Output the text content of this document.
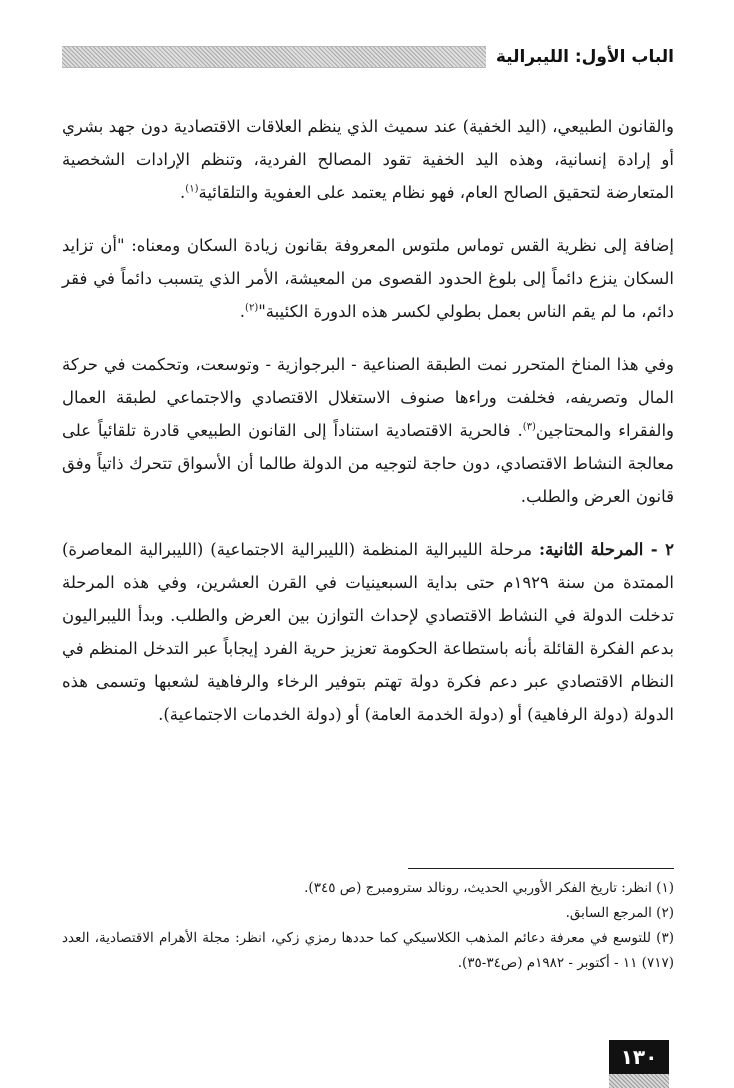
الباب الأول: الليبرالية

والقانون الطبيعي، (اليد الخفية) عند سميث الذي ينظم العلاقات الاقتصادية دون جهد بشري أو إرادة إنسانية، وهذه اليد الخفية تقود المصالح الفردية، وتنظم الإرادات الشخصية المتعارضة لتحقيق الصالح العام، فهو نظام يعتمد على العفوية والتلقائية$^{(١)}$.

إضافة إلى نظرية القس توماس ملتوس المعروفة بقانون زيادة السكان ومعناه: "أن تزايد السكان ينزع دائماً إلى بلوغ الحدود القصوى من المعيشة، الأمر الذي يتسبب دائماً في فقر دائم، ما لم يقم الناس بعمل بطولي لكسر هذه الدورة الكئيبة"$^{(٢)}$.

وفي هذا المناخ المتحرر نمت الطبقة الصناعية - البرجوازية - وتوسعت، وتحكمت في حركة المال وتصريفه، فخلفت وراءها صنوف الاستغلال الاقتصادي والاجتماعي لطبقة العمال والفقراء والمحتاجين$^{(٣)}$. فالحرية الاقتصادية استناداً إلى القانون الطبيعي قادرة تلقائياً على معالجة النشاط الاقتصادي، دون حاجة لتوجيه من الدولة طالما أن الأسواق تتحرك ذاتياً وفق قانون العرض والطلب.

٢ - المرحلة الثانية: مرحلة الليبرالية المنظمة (الليبرالية الاجتماعية) (الليبرالية المعاصرة) الممتدة من سنة ١٩٢٩م حتى بداية السبعينيات في القرن العشرين، وفي هذه المرحلة تدخلت الدولة في النشاط الاقتصادي لإحداث التوازن بين العرض والطلب. وبدأ الليبراليون بدعم الفكرة القائلة بأنه باستطاعة الحكومة تعزيز حرية الفرد إيجاباً عبر التدخل المنظم في النظام الاقتصادي عبر دعم فكرة دولة تهتم بتوفير الرخاء والرفاهية لشعبها وتسمى هذه الدولة (دولة الرفاهية) أو (دولة الخدمة العامة) أو (دولة الخدمات الاجتماعية).

(١) انظر: تاريخ الفكر الأوربي الحديث، رونالد سترومبرج (ص ٣٤٥).

(٢) المرجع السابق.

(٣) للتوسع في معرفة دعائم المذهب الكلاسيكي كما حددها رمزي زكي، انظر: مجلة الأهرام الاقتصادية، العدد (٧١٧) ١١ - أكتوبر - ١٩٨٢م (ص٣٤-٣٥).

١٣٠
